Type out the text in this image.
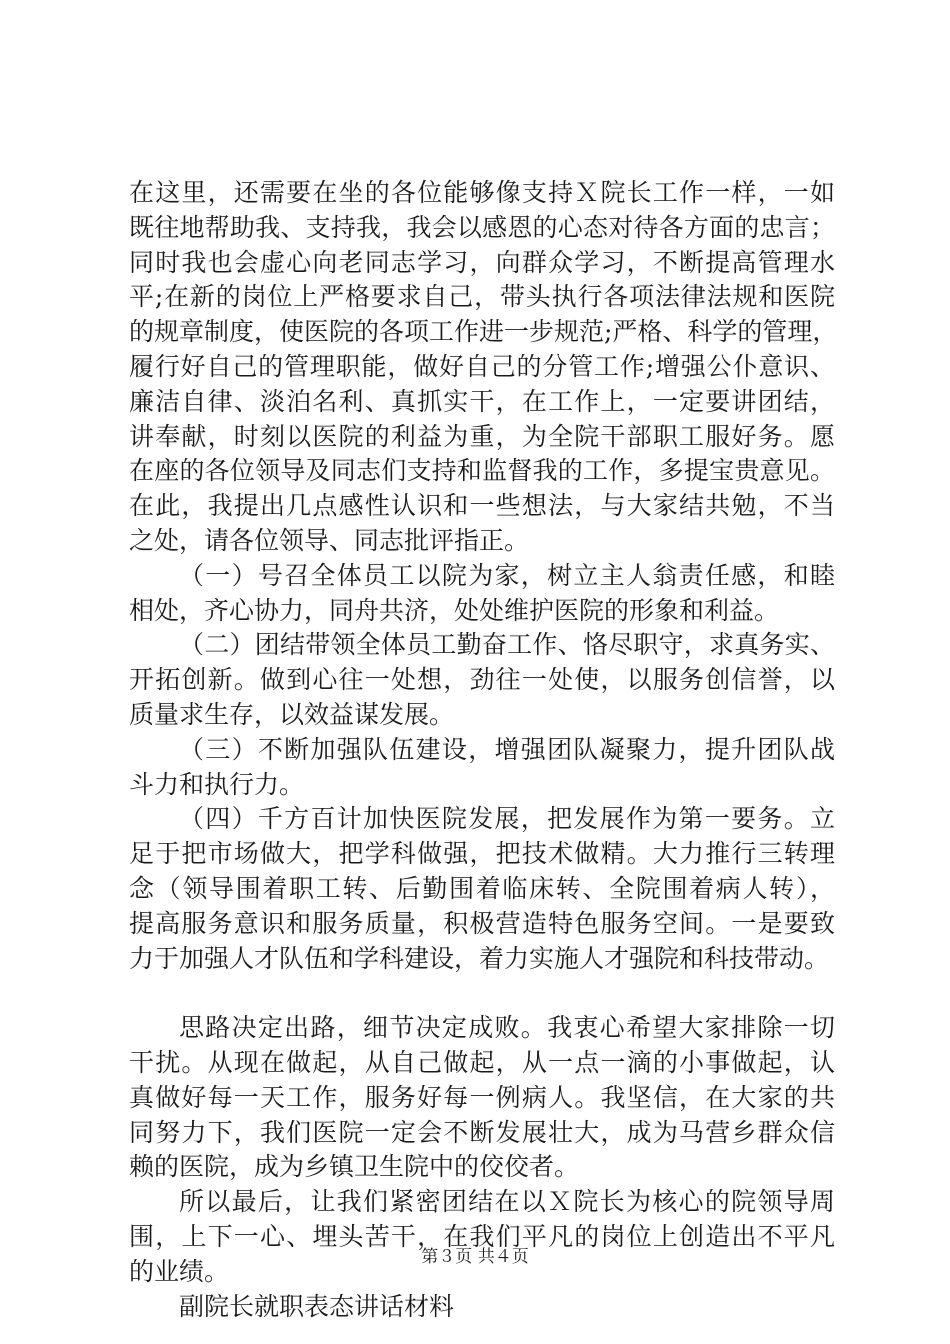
在这里，还需要在坐的各位能够像支持Ｘ院长工作一样，一如
既往地帮助我、支持我，我会以感恩的心态对待各方面的忠言；
同时我也会虚心向老同志学习，向群众学习，不断提高管理水
平;在新的岗位上严格要求自己，带头执行各项法律法规和医院
的规章制度，使医院的各项工作进一步规范;严格、科学的管理，
履行好自己的管理职能，做好自己的分管工作;增强公仆意识、
廉洁自律、淡泊名利、真抓实干，在工作上，一定要讲团结，
讲奉献，时刻以医院的利益为重，为全院干部职工服好务。愿
在座的各位领导及同志们支持和监督我的工作，多提宝贵意见。
在此，我提出几点感性认识和一些想法，与大家结共勉，不当
之处，请各位领导、同志批评指正。
（一）号召全体员工以院为家，树立主人翁责任感，和睦
相处，齐心协力，同舟共济，处处维护医院的形象和利益。
（二）团结带领全体员工勤奋工作、恪尽职守，求真务实、
开拓创新。做到心往一处想，劲往一处使，以服务创信誉，以
质量求生存，以效益谋发展。
（三）不断加强队伍建设，增强团队凝聚力，提升团队战
斗力和执行力。
（四）千方百计加快医院发展，把发展作为第一要务。立
足于把市场做大，把学科做强，把技术做精。大力推行三转理
念（领导围着职工转、后勤围着临床转、全院围着病人转），
提高服务意识和服务质量，积极营造特色服务空间。一是要致
力于加强人才队伍和学科建设，着力实施人才强院和科技带动。
思路决定出路，细节决定成败。我衷心希望大家排除一切
干扰。从现在做起，从自己做起，从一点一滴的小事做起，认
真做好每一天工作，服务好每一例病人。我坚信，在大家的共
同努力下，我们医院一定会不断发展壮大，成为马营乡群众信
赖的医院，成为乡镇卫生院中的佼佼者。
所以最后，让我们紧密团结在以Ｘ院长为核心的院领导周
围，上下一心、埋头苦干，在我们平凡的岗位上创造出不平凡
的业绩。
副院长就职表态讲话材料
第３页 共４页
